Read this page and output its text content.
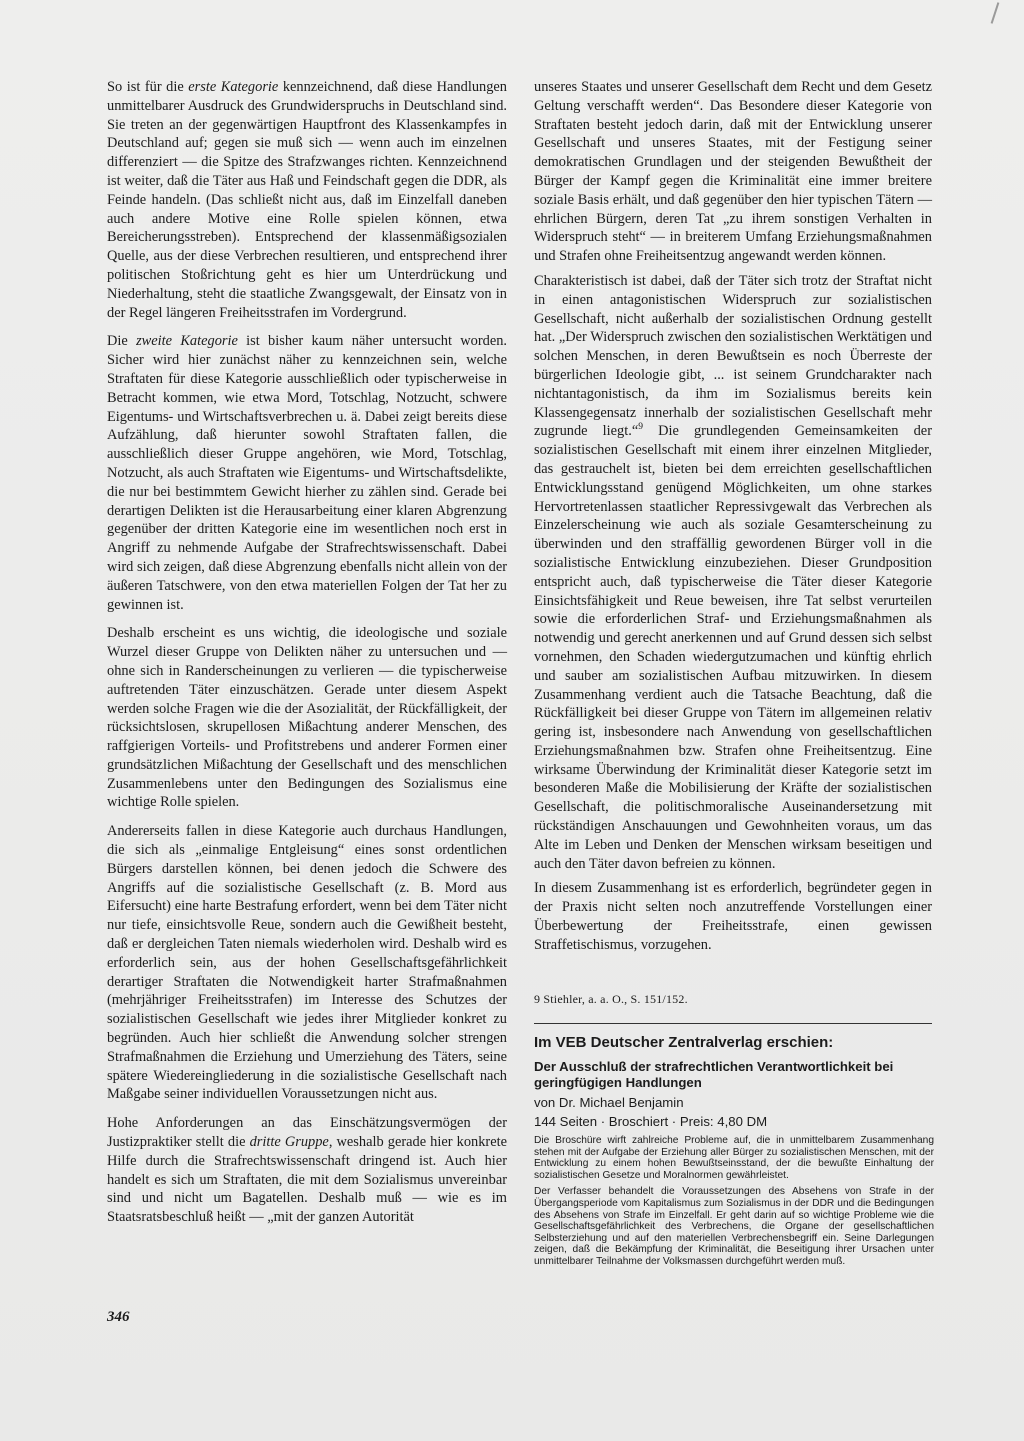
So ist für die erste Kategorie kennzeichnend, daß diese Handlungen unmittelbarer Ausdruck des Grundwiderspruchs in Deutschland sind. Sie treten an der gegenwärtigen Hauptfront des Klassenkampfes in Deutschland auf; gegen sie muß sich — wenn auch im einzelnen differenziert — die Spitze des Strafzwanges richten. Kennzeichnend ist weiter, daß die Täter aus Haß und Feindschaft gegen die DDR, als Feinde handeln. (Das schließt nicht aus, daß im Einzelfall daneben auch andere Motive eine Rolle spielen können, etwa Bereicherungsstreben). Entsprechend der klassenmäßigsozialen Quelle, aus der diese Verbrechen resultieren, und entsprechend ihrer politischen Stoßrichtung geht es hier um Unterdrückung und Niederhaltung, steht die staatliche Zwangsgewalt, der Einsatz von in der Regel längeren Freiheitsstrafen im Vordergrund.

Die zweite Kategorie ist bisher kaum näher untersucht worden. Sicher wird hier zunächst näher zu kennzeichnen sein, welche Straftaten für diese Kategorie ausschließlich oder typischerweise in Betracht kommen, wie etwa Mord, Totschlag, Notzucht, schwere Eigentums- und Wirtschaftsverbrechen u. ä. Dabei zeigt bereits diese Aufzählung, daß hierunter sowohl Straftaten fallen, die ausschließlich dieser Gruppe angehören, wie Mord, Totschlag, Notzucht, als auch Straftaten wie Eigentums- und Wirtschaftsdelikte, die nur bei bestimmtem Gewicht hierher zu zählen sind. Gerade bei derartigen Delikten ist die Herausarbeitung einer klaren Abgrenzung gegenüber der dritten Kategorie eine im wesentlichen noch erst in Angriff zu nehmende Aufgabe der Strafrechtswissenschaft. Dabei wird sich zeigen, daß diese Abgrenzung ebenfalls nicht allein von der äußeren Tatschwere, von den etwa materiellen Folgen der Tat her zu gewinnen ist.

Deshalb erscheint es uns wichtig, die ideologische und soziale Wurzel dieser Gruppe von Delikten näher zu untersuchen und — ohne sich in Randerscheinungen zu verlieren — die typischerweise auftretenden Täter einzuschätzen. Gerade unter diesem Aspekt werden solche Fragen wie die der Asozialität, der Rückfälligkeit, der rücksichtslosen, skrupellosen Mißachtung anderer Menschen, des raffgierigen Vorteils- und Profitstrebens und anderer Formen einer grundsätzlichen Mißachtung der Gesellschaft und des menschlichen Zusammenlebens unter den Bedingungen des Sozialismus eine wichtige Rolle spielen.

Andererseits fallen in diese Kategorie auch durchaus Handlungen, die sich als „einmalige Entgleisung“ eines sonst ordentlichen Bürgers darstellen können, bei denen jedoch die Schwere des Angriffs auf die sozialistische Gesellschaft (z. B. Mord aus Eifersucht) eine harte Bestrafung erfordert, wenn bei dem Täter nicht nur tiefe, einsichtsvolle Reue, sondern auch die Gewißheit besteht, daß er dergleichen Taten niemals wiederholen wird. Deshalb wird es erforderlich sein, aus der hohen Gesellschaftsgefährlichkeit derartiger Straftaten die Notwendigkeit harter Strafmaßnahmen (mehrjähriger Freiheitsstrafen) im Interesse des Schutzes der sozialistischen Gesellschaft wie jedes ihrer Mitglieder konkret zu begründen. Auch hier schließt die Anwendung solcher strengen Strafmaßnahmen die Erziehung und Umerziehung des Täters, seine spätere Wiedereingliederung in die sozialistische Gesellschaft nach Maßgabe seiner individuellen Voraussetzungen nicht aus.

Hohe Anforderungen an das Einschätzungsvermögen der Justizpraktiker stellt die dritte Gruppe, weshalb gerade hier konkrete Hilfe durch die Strafrechtswissenschaft dringend ist. Auch hier handelt es sich um Straftaten, die mit dem Sozialismus unvereinbar sind und nicht um Bagatellen. Deshalb muß — wie es im Staatsratsbeschluß heißt — „mit der ganzen Autorität

unseres Staates und unserer Gesellschaft dem Recht und dem Gesetz Geltung verschafft werden“. Das Besondere dieser Kategorie von Straftaten besteht jedoch darin, daß mit der Entwicklung unserer Gesellschaft und unseres Staates, mit der Festigung seiner demokratischen Grundlagen und der steigenden Bewußtheit der Bürger der Kampf gegen die Kriminalität eine immer breitere soziale Basis erhält, und daß gegenüber den hier typischen Tätern — ehrlichen Bürgern, deren Tat „zu ihrem sonstigen Verhalten in Widerspruch steht“ — in breiterem Umfang Erziehungsmaßnahmen und Strafen ohne Freiheitsentzug angewandt werden können.

Charakteristisch ist dabei, daß der Täter sich trotz der Straftat nicht in einen antagonistischen Widerspruch zur sozialistischen Gesellschaft, nicht außerhalb der sozialistischen Ordnung gestellt hat. „Der Widerspruch zwischen den sozialistischen Werktätigen und solchen Menschen, in deren Bewußtsein es noch Überreste der bürgerlichen Ideologie gibt, ... ist seinem Grundcharakter nach nichtantagonistisch, da ihm im Sozialismus bereits kein Klassengegensatz innerhalb der sozialistischen Gesellschaft mehr zugrunde liegt.“$^9$ Die grundlegenden Gemeinsamkeiten der sozialistischen Gesellschaft mit einem ihrer einzelnen Mitglieder, das gestrauchelt ist, bieten bei dem erreichten gesellschaftlichen Entwicklungsstand genügend Möglichkeiten, um ohne starkes Hervortretenlassen staatlicher Repressivgewalt das Verbrechen als Einzelerscheinung wie auch als soziale Gesamterscheinung zu überwinden und den straffällig gewordenen Bürger voll in die sozialistische Entwicklung einzubeziehen. Dieser Grundposition entspricht auch, daß typischerweise die Täter dieser Kategorie Einsichtsfähigkeit und Reue beweisen, ihre Tat selbst verurteilen sowie die erforderlichen Straf- und Erziehungsmaßnahmen als notwendig und gerecht anerkennen und auf Grund dessen sich selbst vornehmen, den Schaden wiedergutzumachen und künftig ehrlich und sauber am sozialistischen Aufbau mitzuwirken. In diesem Zusammenhang verdient auch die Tatsache Beachtung, daß die Rückfälligkeit bei dieser Gruppe von Tätern im allgemeinen relativ gering ist, insbesondere nach Anwendung von gesellschaftlichen Erziehungsmaßnahmen bzw. Strafen ohne Freiheitsentzug. Eine wirksame Überwindung der Kriminalität dieser Kategorie setzt im besonderen Maße die Mobilisierung der Kräfte der sozialistischen Gesellschaft, die politischmoralische Auseinandersetzung mit rückständigen Anschauungen und Gewohnheiten voraus, um das Alte im Leben und Denken der Menschen wirksam beseitigen und auch den Täter davon befreien zu können.

In diesem Zusammenhang ist es erforderlich, begründeter gegen in der Praxis nicht selten noch anzutreffende Vorstellungen einer Überbewertung der Freiheitsstrafe, einen gewissen Straffetischismus, vorzugehen.

9 Stiehler, a. a. O., S. 151/152.

Im VEB Deutscher Zentralverlag erschien:

Der Ausschluß der strafrechtlichen Verantwortlichkeit bei geringfügigen Handlungen

von Dr. Michael Benjamin

144 Seiten · Broschiert · Preis: 4,80 DM

Die Broschüre wirft zahlreiche Probleme auf, die in unmittelbarem Zusammenhang stehen mit der Aufgabe der Erziehung aller Bürger zu sozialistischen Menschen, mit der Entwicklung zu einem hohen Bewußtseinsstand, der die bewußte Einhaltung der sozialistischen Gesetze und Moralnormen gewährleistet.

Der Verfasser behandelt die Voraussetzungen des Absehens von Strafe in der Übergangsperiode vom Kapitalismus zum Sozialismus in der DDR und die Bedingungen des Absehens von Strafe im Einzelfall. Er geht darin auf so wichtige Probleme wie die Gesellschaftsgefährlichkeit des Verbrechens, die Organe der gesellschaftlichen Selbsterziehung und auf den materiellen Verbrechensbegriff ein. Seine Darlegungen zeigen, daß die Bekämpfung der Kriminalität, die Beseitigung ihrer Ursachen unter unmittelbarer Teilnahme der Volksmassen durchgeführt werden muß.

346
